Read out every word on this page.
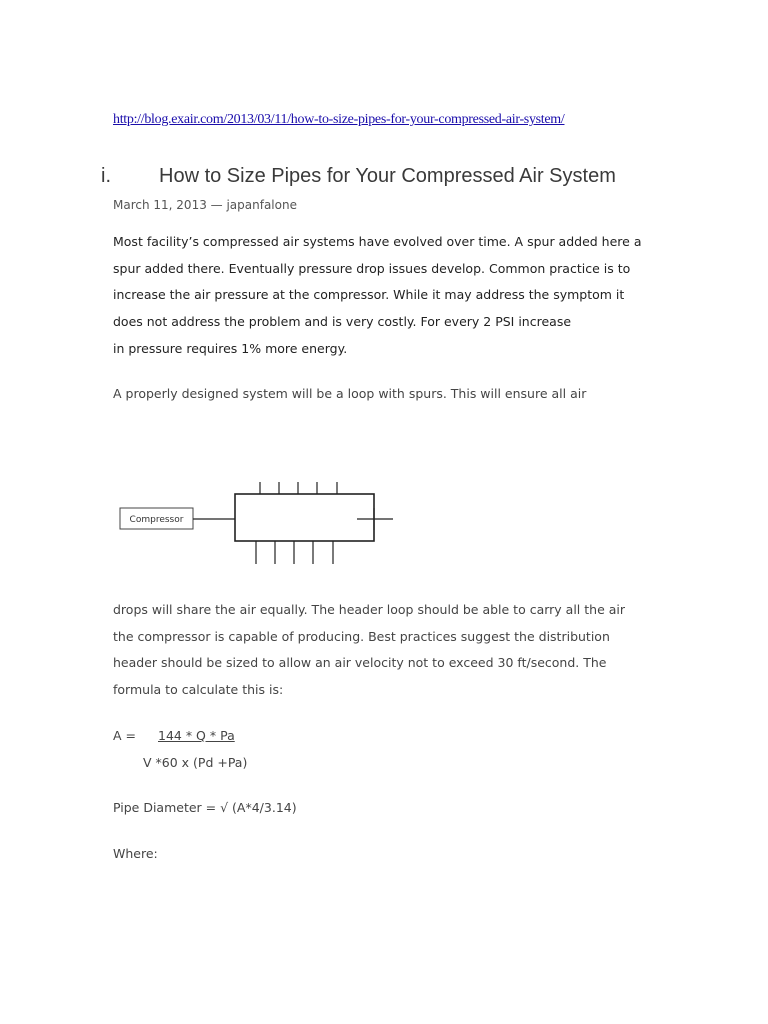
http://blog.exair.com/2013/03/11/how-to-size-pipes-for-your-compressed-air-system/
i. How to Size Pipes for Your Compressed Air System
March 11, 2013 — japanfalone

Most facility’s compressed air systems have evolved over time. A spur added here a
spur added there. Eventually pressure drop issues develop. Common practice is to
increase the air pressure at the compressor. While it may address the symptom it
does not address the problem and is very costly. For every 2 PSI increase
in pressure requires 1% more energy.

A properly designed system will be a loop with spurs. This will ensure all air

Compressor

drops will share the air equally. The header loop should be able to carry all the air
the compressor is capable of producing. Best practices suggest the distribution
header should be sized to allow an air velocity not to exceed 30 ft/second. The
formula to calculate this is:

A = 144 * Q * Pa
V *60 x (Pd +Pa)
Pipe Diameter = √ (A*4/3.14)
Where:
